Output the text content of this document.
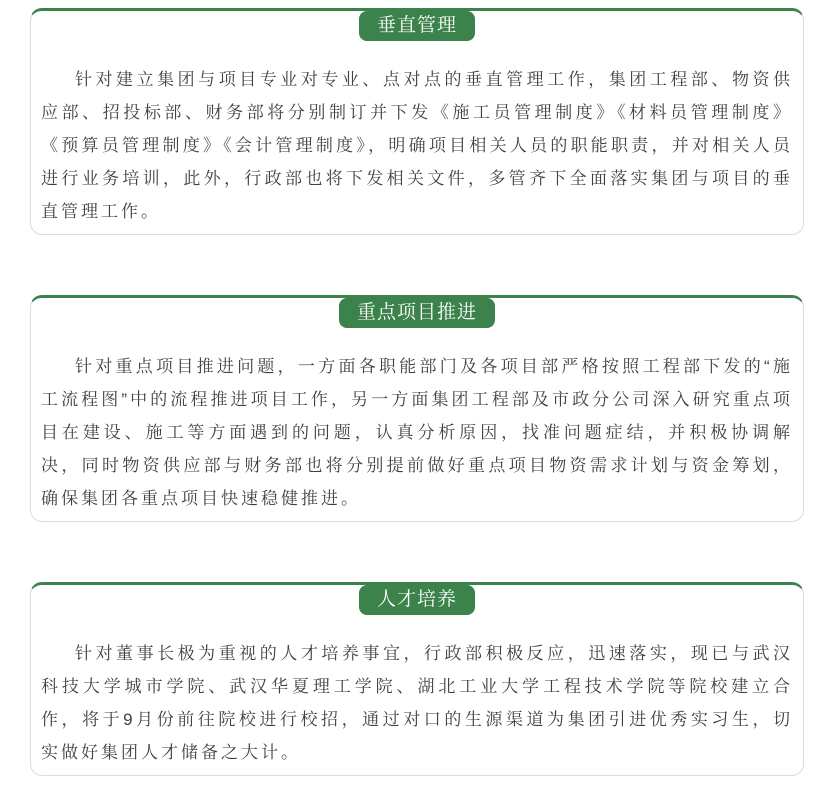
垂直管理

针对建立集团与项目专业对专业、点对点的垂直管理工作，集团工程部、物资供应部、招投标部、财务部将分别制订并下发《施工员管理制度》《材料员管理制度》《预算员管理制度》《会计管理制度》，明确项目相关人员的职能职责，并对相关人员进行业务培训，此外，行政部也将下发相关文件，多管齐下全面落实集团与项目的垂直管理工作。

重点项目推进

针对重点项目推进问题，一方面各职能部门及各项目部严格按照工程部下发的“施工流程图”中的流程推进项目工作，另一方面集团工程部及市政分公司深入研究重点项目在建设、施工等方面遇到的问题，认真分析原因，找准问题症结，并积极协调解决，同时物资供应部与财务部也将分别提前做好重点项目物资需求计划与资金筹划，确保集团各重点项目快速稳健推进。

人才培养

针对董事长极为重视的人才培养事宜，行政部积极反应，迅速落实，现已与武汉科技大学城市学院、武汉华夏理工学院、湖北工业大学工程技术学院等院校建立合作，将于9月份前往院校进行校招，通过对口的生源渠道为集团引进优秀实习生，切实做好集团人才储备之大计。
